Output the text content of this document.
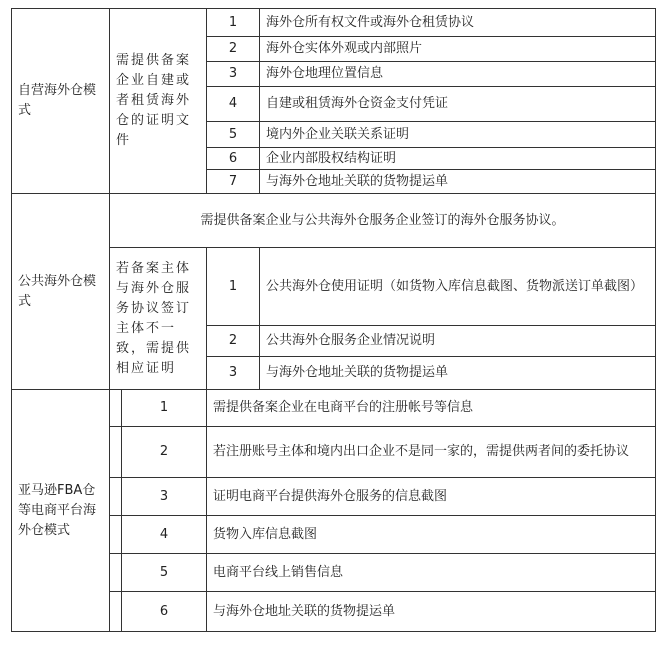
自营海外仓模式	需提供备案企业自建或者租赁海外仓的证明文件		1	海外仓所有权文件或海外仓租赁协议
			2	海外仓实体外观或内部照片
			3	海外仓地理位置信息
			4	自建或租赁海外仓资金支付凭证
			5	境内外企业关联关系证明
			6	企业内部股权结构证明
			7	与海外仓地址关联的货物提运单
公共海外仓模式	需提供备案企业与公共海外仓服务企业签订的海外仓服务协议。			
	若备案主体与海外仓服务协议签订主体不一致，需提供相应证明		1	公共海外仓使用证明（如货物入库信息截图、货物派送订单截图）
			2	公共海外仓服务企业情况说明
			3	与海外仓地址关联的货物提运单
亚马逊FBA仓等电商平台海外仓模式		1	需提供备案企业在电商平台的注册帐号等信息	
		2	若注册账号主体和境内出口企业不是同一家的，需提供两者间的委托协议	
		3	证明电商平台提供海外仓服务的信息截图	
		4	货物入库信息截图	
		5	电商平台线上销售信息	
		6	与海外仓地址关联的货物提运单	
